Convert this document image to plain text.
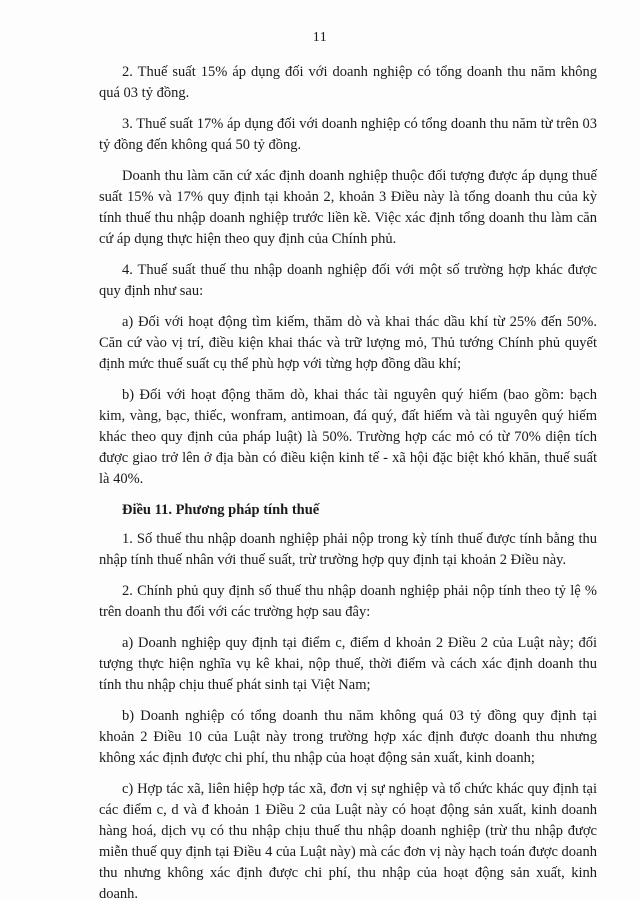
11

2. Thuế suất 15% áp dụng đối với doanh nghiệp có tổng doanh thu năm không quá 03 tỷ đồng.

3. Thuế suất 17% áp dụng đối với doanh nghiệp có tổng doanh thu năm từ trên 03 tỷ đồng đến không quá 50 tỷ đồng.

Doanh thu làm căn cứ xác định doanh nghiệp thuộc đối tượng được áp dụng thuế suất 15% và 17% quy định tại khoản 2, khoản 3 Điều này là tổng doanh thu của kỳ tính thuế thu nhập doanh nghiệp trước liền kề. Việc xác định tổng doanh thu làm căn cứ áp dụng thực hiện theo quy định của Chính phủ.

4. Thuế suất thuế thu nhập doanh nghiệp đối với một số trường hợp khác được quy định như sau:

a) Đối với hoạt động tìm kiếm, thăm dò và khai thác dầu khí từ 25% đến 50%. Căn cứ vào vị trí, điều kiện khai thác và trữ lượng mỏ, Thủ tướng Chính phủ quyết định mức thuế suất cụ thể phù hợp với từng hợp đồng dầu khí;

b) Đối với hoạt động thăm dò, khai thác tài nguyên quý hiếm (bao gồm: bạch kim, vàng, bạc, thiếc, wonfram, antimoan, đá quý, đất hiếm và tài nguyên quý hiếm khác theo quy định của pháp luật) là 50%. Trường hợp các mỏ có từ 70% diện tích được giao trở lên ở địa bàn có điều kiện kinh tế - xã hội đặc biệt khó khăn, thuế suất là 40%.

Điều 11. Phương pháp tính thuế

1. Số thuế thu nhập doanh nghiệp phải nộp trong kỳ tính thuế được tính bằng thu nhập tính thuế nhân với thuế suất, trừ trường hợp quy định tại khoản 2 Điều này.

2. Chính phủ quy định số thuế thu nhập doanh nghiệp phải nộp tính theo tỷ lệ % trên doanh thu đối với các trường hợp sau đây:

a) Doanh nghiệp quy định tại điểm c, điểm d khoản 2 Điều 2 của Luật này; đối tượng thực hiện nghĩa vụ kê khai, nộp thuế, thời điểm và cách xác định doanh thu tính thu nhập chịu thuế phát sinh tại Việt Nam;

b) Doanh nghiệp có tổng doanh thu năm không quá 03 tỷ đồng quy định tại khoản 2 Điều 10 của Luật này trong trường hợp xác định được doanh thu nhưng không xác định được chi phí, thu nhập của hoạt động sản xuất, kinh doanh;

c) Hợp tác xã, liên hiệp hợp tác xã, đơn vị sự nghiệp và tổ chức khác quy định tại các điểm c, d và đ khoản 1 Điều 2 của Luật này có hoạt động sản xuất, kinh doanh hàng hoá, dịch vụ có thu nhập chịu thuế thu nhập doanh nghiệp (trừ thu nhập được miễn thuế quy định tại Điều 4 của Luật này) mà các đơn vị này hạch toán được doanh thu nhưng không xác định được chi phí, thu nhập của hoạt động sản xuất, kinh doanh.
